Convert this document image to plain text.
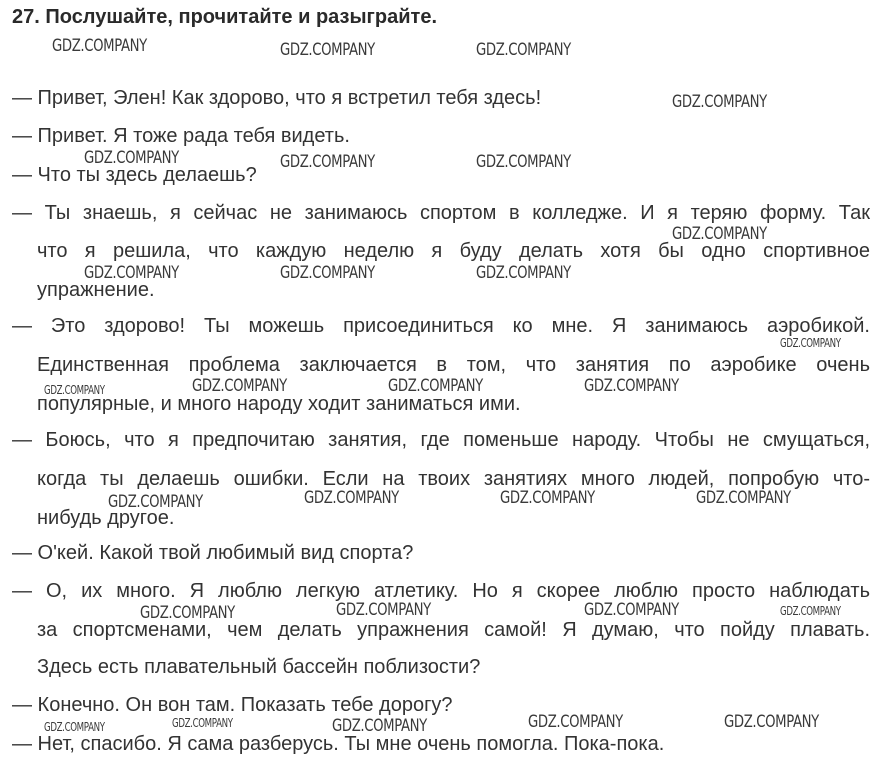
27. Послушайте, прочитайте и разыграйте.
— Привет, Элен! Как здорово, что я встретил тебя здесь!
— Привет. Я тоже рада тебя видеть.
— Что ты здесь делаешь?
— Ты знаешь, я сейчас не занимаюсь спортом в колледже. И я теряю форму. Так
что я решила, что каждую неделю я буду делать хотя бы одно спортивное
упражнение.
— Это здорово! Ты можешь присоединиться ко мне. Я занимаюсь аэробикой.
Единственная проблема заключается в том, что занятия по аэробике очень
популярные, и много народу ходит заниматься ими.
— Боюсь, что я предпочитаю занятия, где поменьше народу. Чтобы не смущаться,
когда ты делаешь ошибки. Если на твоих занятиях много людей, попробую что-
нибудь другое.
— О'кей. Какой твой любимый вид спорта?
— О, их много. Я люблю легкую атлетику. Но я скорее люблю просто наблюдать
за спортсменами, чем делать упражнения самой! Я думаю, что пойду плавать.
Здесь есть плавательный бассейн поблизости?
— Конечно. Он вон там. Показать тебе дорогу?
— Нет, спасибо. Я сама разберусь. Ты мне очень помогла. Пока-пока.
GDZ.COMPANY	GDZ.COMPANY	GDZ.COMPANY
GDZ.COMPANY
GDZ.COMPANY	GDZ.COMPANY	GDZ.COMPANY
GDZ.COMPANY
GDZ.COMPANY	GDZ.COMPANY	GDZ.COMPANY
GDZ.COMPANY
GDZ.COMPANY	GDZ.COMPANY	GDZ.COMPANY	GDZ.COMPANY
GDZ.COMPANY	GDZ.COMPANY	GDZ.COMPANY	GDZ.COMPANY
GDZ.COMPANY	GDZ.COMPANY	GDZ.COMPANY	GDZ.COMPANY
GDZ.COMPANY	GDZ.COMPANY	GDZ.COMPANY	GDZ.COMPANY	GDZ.COMPANY
